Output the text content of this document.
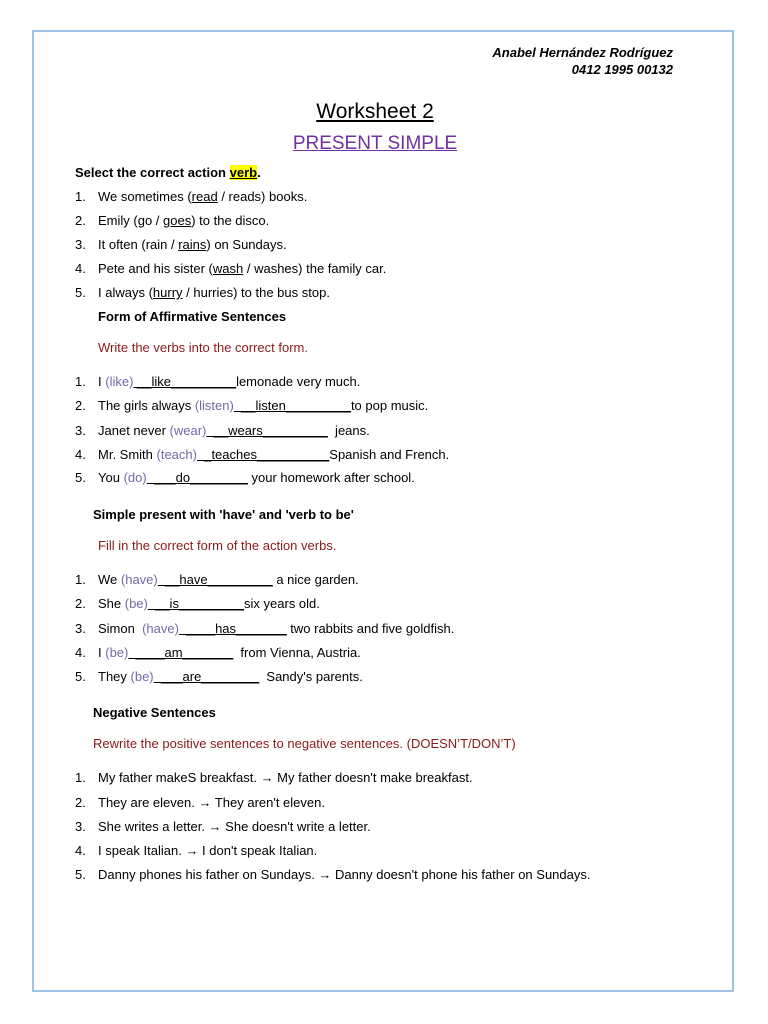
Anabel Hernández Rodríguez
0412 1995 00132
Worksheet 2
PRESENT SIMPLE
Select the correct action verb.
1. We sometimes (read / reads) books.
2. Emily (go / goes) to the disco.
3. It often (rain / rains) on Sundays.
4. Pete and his sister (wash / washes) the family car.
5. I always (hurry / hurries) to the bus stop.
Form of Affirmative Sentences
Write the verbs into the correct form.
1. I (like) __like_________lemonade very much.
2. The girls always (listen)  __listen_________to pop music.
3. Janet never (wear)  __wears_________  jeans.
4. Mr. Smith (teach)  _teaches__________Spanish and French.
5. You (do)  ___do________ your homework after school.
Simple present with 'have' and 'verb to be'
Fill in the correct form of the action verbs.
1. We (have)  __have_________ a nice garden.
2. She (be)  __is_________six years old.
3. Simon  (have)  ____has_______ two rabbits and five goldfish.
4. I (be)  ____am_______  from Vienna, Austria.
5. They (be)  ___are________  Sandy's parents.
Negative Sentences
Rewrite the positive sentences to negative sentences. (DOESN’T/DON’T)
1. My father makeS breakfast. → My father doesn't make breakfast.
2. They are eleven. → They aren't eleven.
3. She writes a letter. → She doesn't write a letter.
4. I speak Italian. → I don't speak Italian.
5. Danny phones his father on Sundays. → Danny doesn't phone his father on Sundays.
